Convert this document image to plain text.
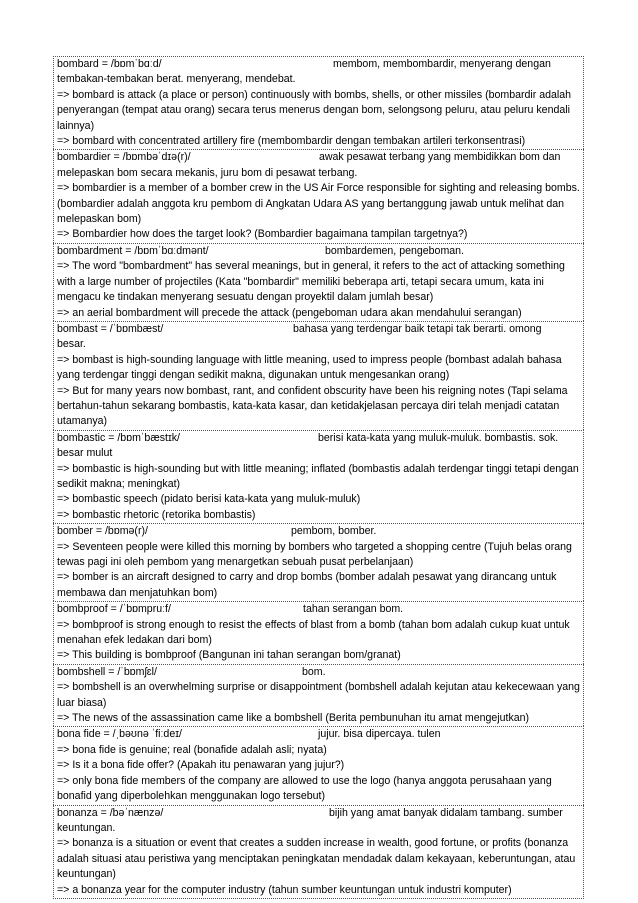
bombard = /bɒmˈbɑːd/	membom, membombardir, menyerang dengan
tembakan-tembakan berat. menyerang, mendebat.
=> bombard is attack (a place or person) continuously with bombs, shells, or other missiles (bombardir adalah penyerangan (tempat atau orang) secara terus menerus dengan bom, selongsong peluru, atau peluru kendali lainnya)
=> bombard with concentrated artillery fire (membombardir dengan tembakan artileri terkonsentrasi)
bombardier = /bɒmbəˈdɪə(r)/	awak pesawat terbang yang membidikkan bom dan
melepaskan bom secara mekanis, juru bom di pesawat terbang.
=> bombardier is a member of a bomber crew in the US Air Force responsible for sighting and releasing bombs. (bombardier adalah anggota kru pembom di Angkatan Udara AS yang bertanggung jawab untuk melihat dan melepaskan bom)
=> Bombardier how does the target look? (Bombardier bagaimana tampilan targetnya?)
bombardment = /bɒmˈbɑːdmənt/	bombardemen, pengeboman.
=> The word "bombardment" has several meanings, but in general, it refers to the act of attacking something with a large number of projectiles (Kata "bombardir" memiliki beberapa arti, tetapi secara umum, kata ini mengacu ke tindakan menyerang sesuatu dengan proyektil dalam jumlah besar)
=> an aerial bombardment will precede the attack (pengeboman udara akan mendahului serangan)
bombast = /ˈbɒmbæst/	bahasa yang terdengar baik tetapi tak berarti. omong
besar.
=> bombast is high-sounding language with little meaning, used to impress people (bombast adalah bahasa yang terdengar tinggi dengan sedikit makna, digunakan untuk mengesankan orang)
=> But for many years now bombast, rant, and confident obscurity have been his reigning notes (Tapi selama bertahun-tahun sekarang bombastis, kata-kata kasar, dan ketidakjelasan percaya diri telah menjadi catatan utamanya)
bombastic = /bɒmˈbæstɪk/	berisi kata-kata yang muluk-muluk. bombastis. sok.
besar mulut
=> bombastic is high-sounding but with little meaning; inflated (bombastis adalah terdengar tinggi tetapi dengan sedikit makna; meningkat)
=> bombastic speech (pidato berisi kata-kata yang muluk-muluk)
=> bombastic rhetoric (retorika bombastis)
bomber = /bɒmə(r)/	pembom, bomber.
=> Seventeen people were killed this morning by bombers who targeted a shopping centre (Tujuh belas orang tewas pagi ini oleh pembom yang menargetkan sebuah pusat perbelanjaan)
=> bomber is an aircraft designed to carry and drop bombs (bomber adalah pesawat yang dirancang untuk membawa dan menjatuhkan bom)
bombproof = /ˈbɒmpruːf/	tahan serangan bom.
=> bombproof is strong enough to resist the effects of blast from a bomb (tahan bom adalah cukup kuat untuk menahan efek ledakan dari bom)
=> This building is bombproof (Bangunan ini tahan serangan bom/granat)
bombshell = /ˈbɒmʃɛl/	bom.
=> bombshell is an overwhelming surprise or disappointment (bombshell adalah kejutan atau kekecewaan yang luar biasa)
=> The news of the assassination came like a bombshell (Berita pembunuhan itu amat mengejutkan)
bona fide = /ˌbəʊnə ˈfiːdeɪ/	jujur. bisa dipercaya. tulen
=> bona fide is genuine; real (bonafide adalah asli; nyata)
=> Is it a bona fide offer? (Apakah itu penawaran yang jujur?)
=> only bona fide members of the company are allowed to use the logo (hanya anggota perusahaan yang bonafid yang diperbolehkan menggunakan logo tersebut)
bonanza = /bəˈnænzə/	bijih yang amat banyak didalam tambang. sumber
keuntungan.
=> bonanza is a situation or event that creates a sudden increase in wealth, good fortune, or profits (bonanza adalah situasi atau peristiwa yang menciptakan peningkatan mendadak dalam kekayaan, keberuntungan, atau keuntungan)
=> a bonanza year for the computer industry (tahun sumber keuntungan untuk industri komputer)
